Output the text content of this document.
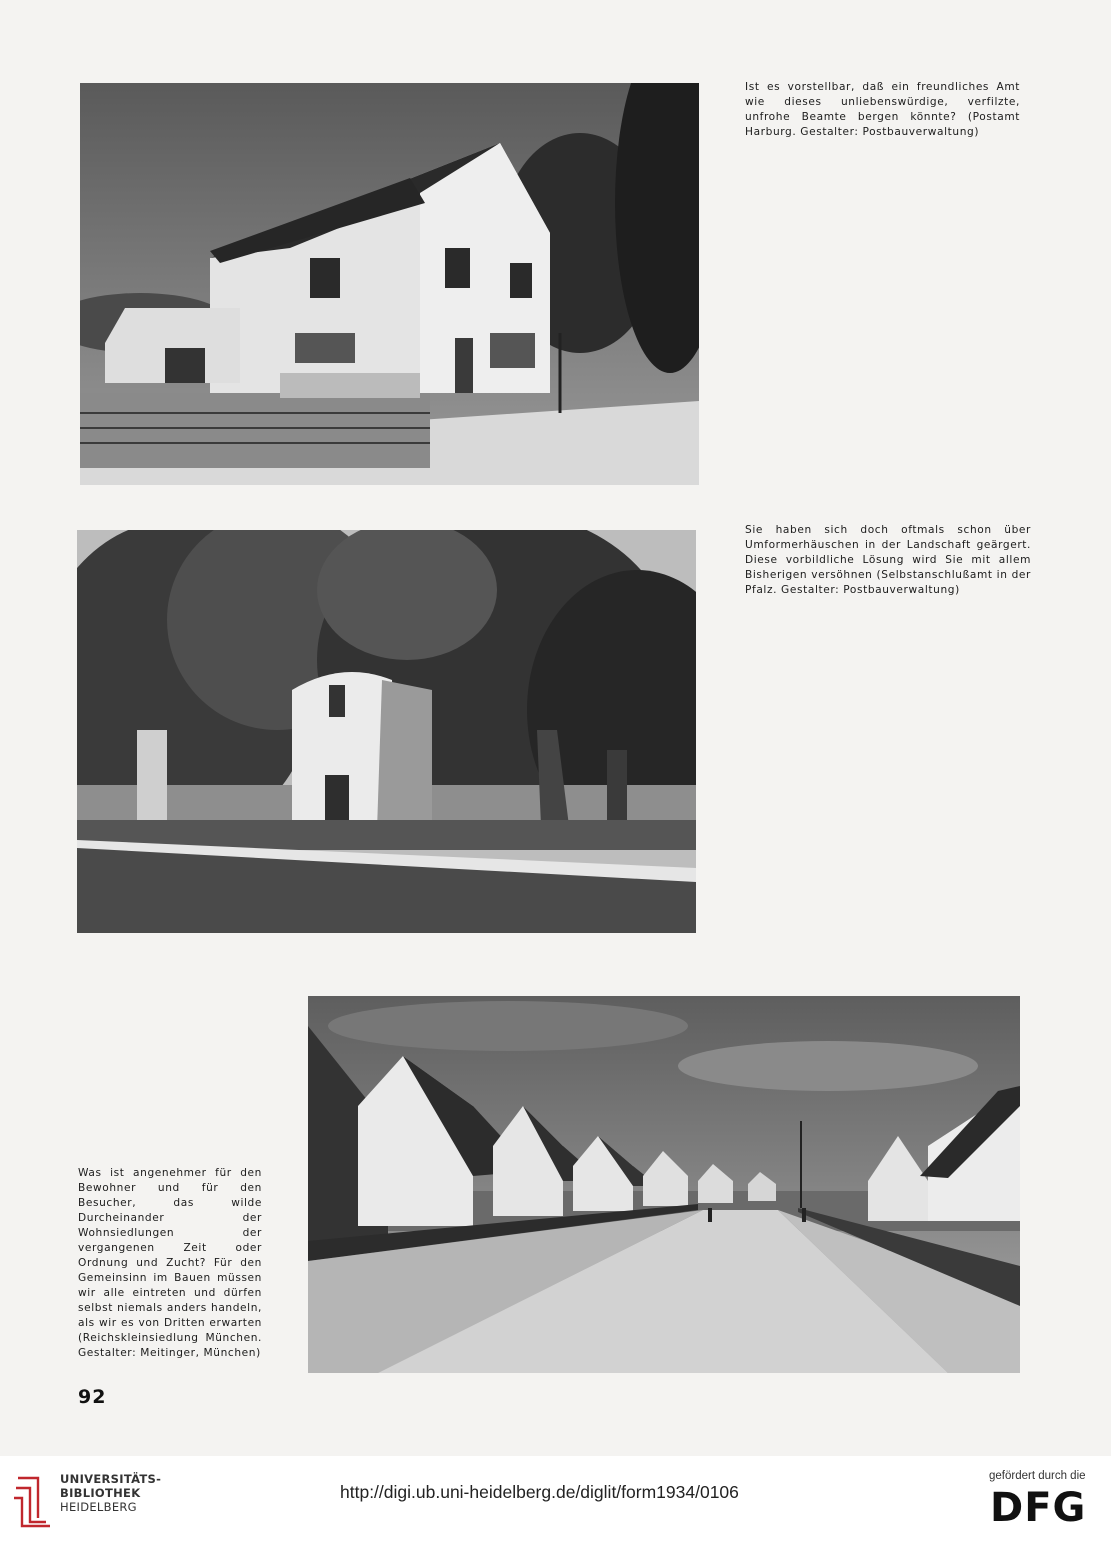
Ist es vorstellbar, daß ein freundliches Amt wie dieses unliebenswürdige, verfilzte, unfrohe Beamte bergen könnte? (Postamt Harburg. Gestalter: Postbauverwaltung)
Sie haben sich doch oftmals schon über Umformerhäuschen in der Landschaft geärgert. Diese vorbildliche Lösung wird Sie mit allem Bisherigen versöhnen (Selbstanschlußamt in der Pfalz. Gestalter: Postbauverwaltung)
Was ist angenehmer für den Bewohner und für den Besucher, das wilde Durcheinander der Wohnsiedlungen der vergangenen Zeit oder Ordnung und Zucht? Für den Gemeinsinn im Bauen müssen wir alle eintreten und dürfen selbst niemals anders handeln, als wir es von Dritten erwarten (Reichskleinsiedlung München. Gestalter: Meitinger, München)
92
UNIVERSITÄTS-
BIBLIOTHEK
HEIDELBERG
http://digi.ub.uni-heidelberg.de/diglit/form1934/0106
gefördert durch die
DFG
